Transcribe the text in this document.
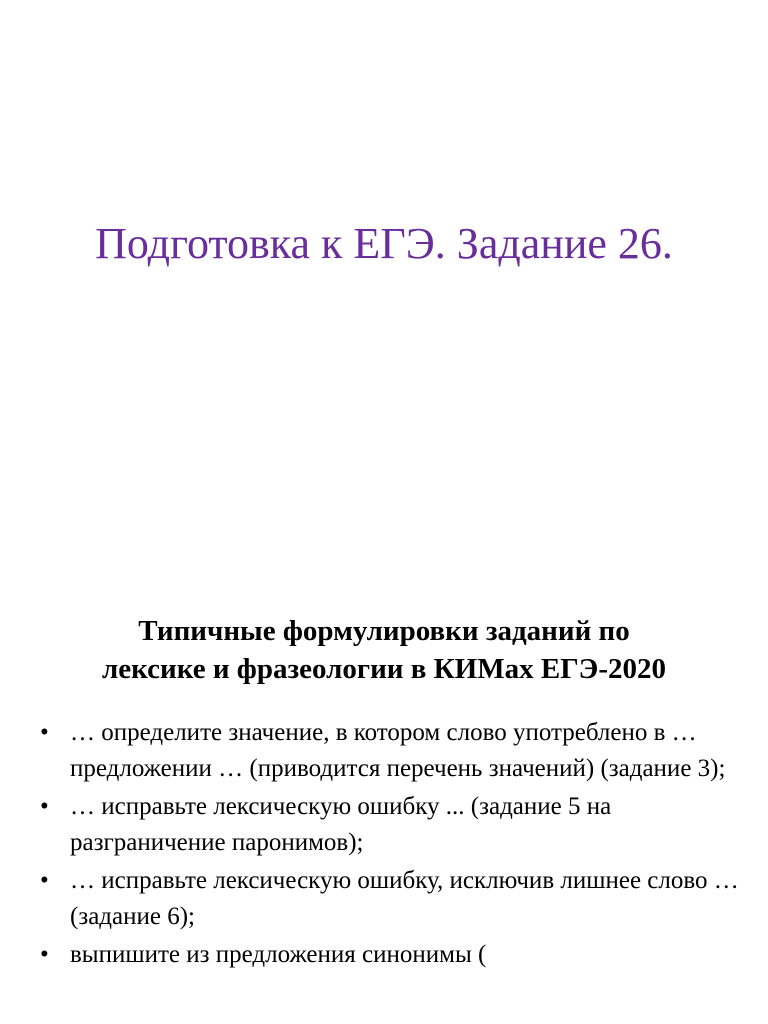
Подготовка к ЕГЭ. Задание 26.
Типичные формулировки заданий по
лексике и фразеологии в КИМах ЕГЭ-2020
• … определите значение, в котором слово употреблено в … предложении … (приводится перечень значений) (задание 3);
• … исправьте лексическую ошибку ... (задание 5 на разграничение паронимов);
• … исправьте лексическую ошибку, исключив лишнее слово … (задание 6);
• выпишите из предложения синонимы (
